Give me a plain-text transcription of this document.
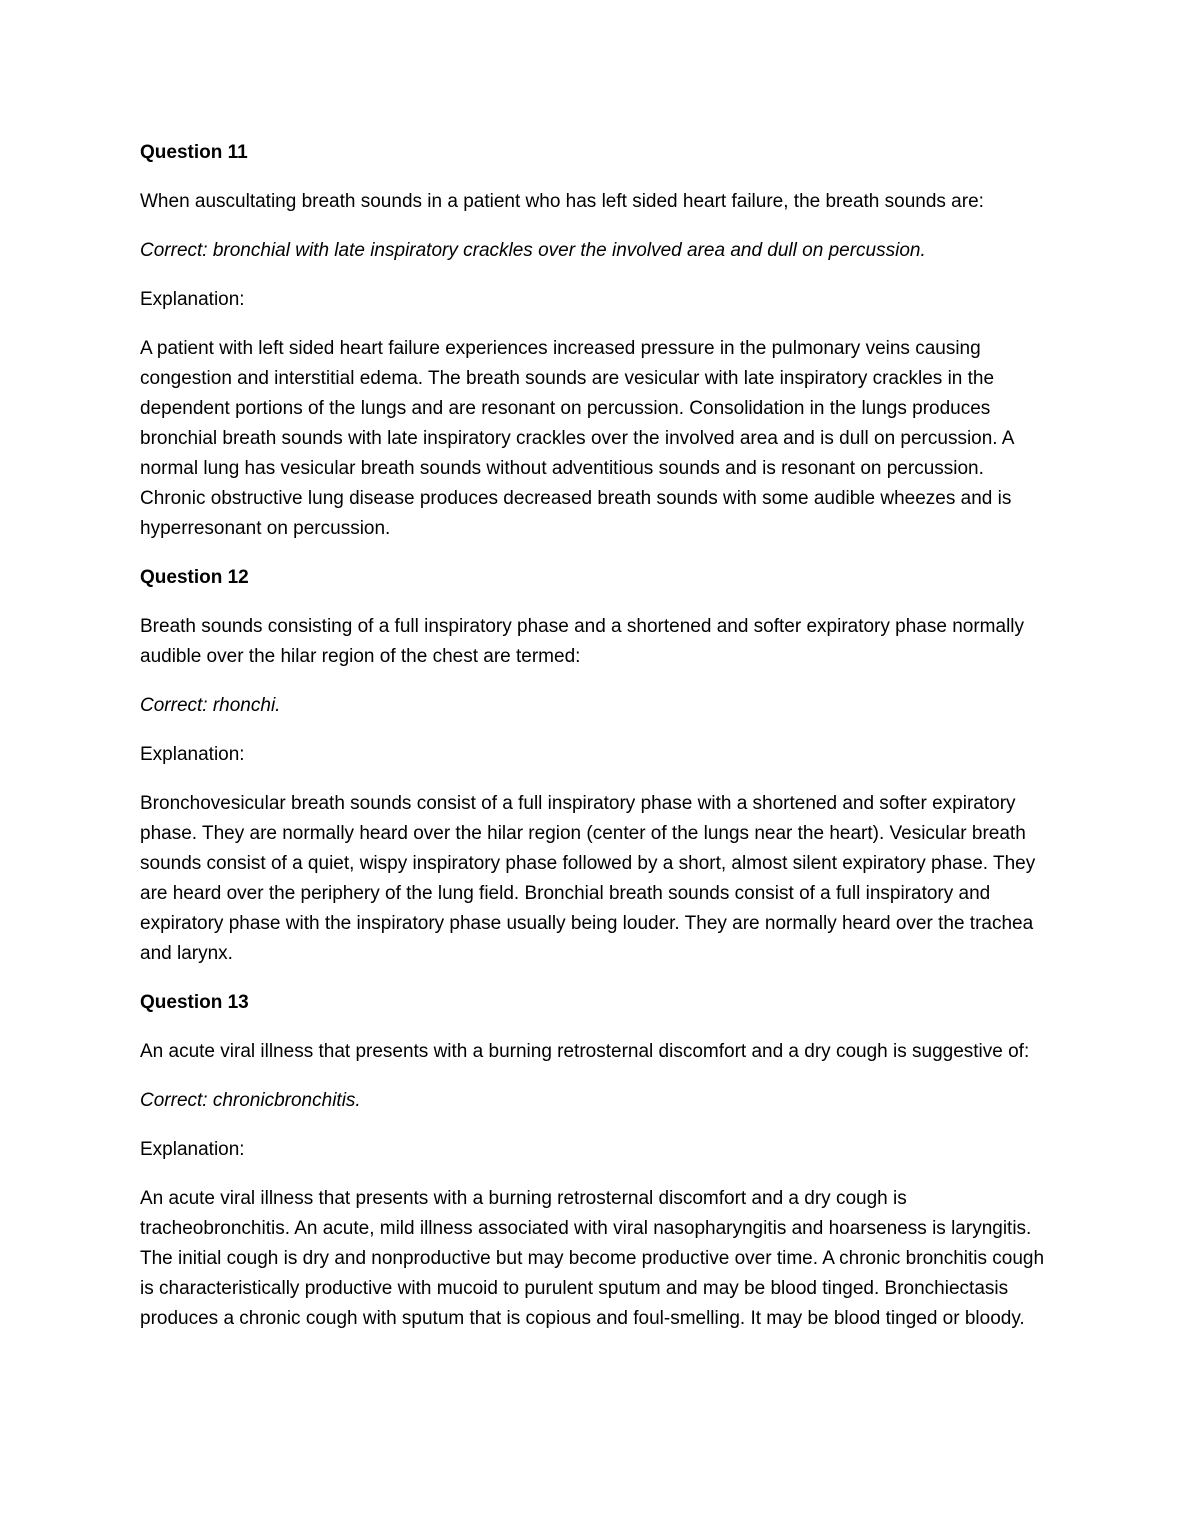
Question 11

When auscultating breath sounds in a patient who has left sided heart failure, the breath sounds are:

Correct: bronchial with late inspiratory crackles over the involved area and dull on percussion.

Explanation:

A patient with left sided heart failure experiences increased pressure in the pulmonary veins causing congestion and interstitial edema. The breath sounds are vesicular with late inspiratory crackles in the dependent portions of the lungs and are resonant on percussion. Consolidation in the lungs produces bronchial breath sounds with late inspiratory crackles over the involved area and is dull on percussion. A normal lung has vesicular breath sounds without adventitious sounds and is resonant on percussion. Chronic obstructive lung disease produces decreased breath sounds with some audible wheezes and is hyperresonant on percussion.

Question 12

Breath sounds consisting of a full inspiratory phase and a shortened and softer expiratory phase normally audible over the hilar region of the chest are termed:

Correct: rhonchi.

Explanation:

Bronchovesicular breath sounds consist of a full inspiratory phase with a shortened and softer expiratory phase. They are normally heard over the hilar region (center of the lungs near the heart). Vesicular breath sounds consist of a quiet, wispy inspiratory phase followed by a short, almost silent expiratory phase. They are heard over the periphery of the lung field. Bronchial breath sounds consist of a full inspiratory and expiratory phase with the inspiratory phase usually being louder. They are normally heard over the trachea and larynx.

Question 13

An acute viral illness that presents with a burning retrosternal discomfort and a dry cough is suggestive of:

Correct: chronicbronchitis.

Explanation:

An acute viral illness that presents with a burning retrosternal discomfort and a dry cough is tracheobronchitis. An acute, mild illness associated with viral nasopharyngitis and hoarseness is laryngitis. The initial cough is dry and nonproductive but may become productive over time. A chronic bronchitis cough is characteristically productive with mucoid to purulent sputum and may be blood tinged. Bronchiectasis produces a chronic cough with sputum that is copious and foul-smelling. It may be blood tinged or bloody.
